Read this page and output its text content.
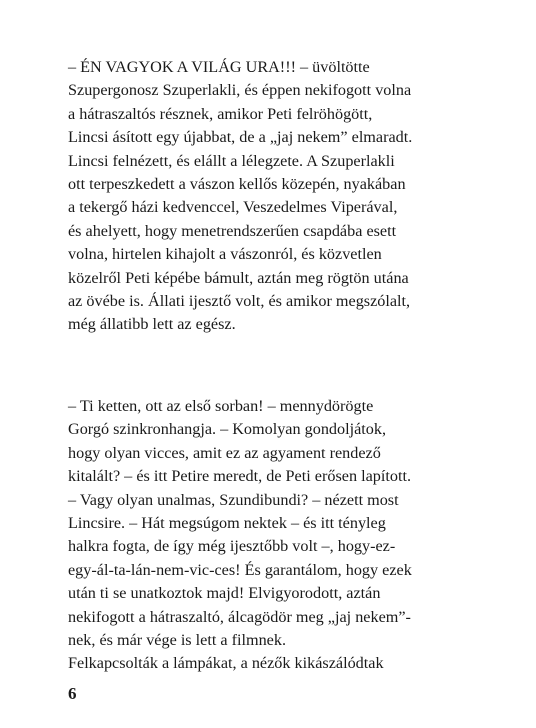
– ÉN VAGYOK A VILÁG URA!!! – üvöltötte
Szupergonosz Szuperlakli, és éppen nekifogott volna
a hátraszaltós résznek, amikor Peti felröhögött,
Lincsi ásított egy újabbat, de a „jaj nekem” elmaradt.
Lincsi felnézett, és elállt a lélegzete. A Szuperlakli
ott terpeszkedett a vászon kellős közepén, nyakában
a tekergő házi kedvenccel, Veszedelmes Viperával,
és ahelyett, hogy menetrendszerűen csapdába esett
volna, hirtelen kihajolt a vászonról, és közvetlen
közelről Peti képébe bámult, aztán meg rögtön utána
az övébe is. Állati ijesztő volt, és amikor megszólalt,
még állatibb lett az egész.
– Ti ketten, ott az első sorban! – mennydörögte
Gorgó szinkronhangja. – Komolyan gondoljátok,
hogy olyan vicces, amit ez az agyament rendező
kitalált? – és itt Petire meredt, de Peti erősen lapított.
– Vagy olyan unalmas, Szundibundi? – nézett most
Lincsire. – Hát megsúgom nektek – és itt tényleg
halkra fogta, de így még ijesztőbb volt –, hogy-ez-
egy-ál-ta-lán-nem-vic-ces! És garantálom, hogy ezek
után ti se unatkoztok majd! Elvigyorodott, aztán
nekifogott a hátraszaltó, álcagödör meg „jaj nekem”-
nek, és már vége is lett a filmnek.
Felkapcsolták a lámpákat, a nézők kikászálódtak
6
